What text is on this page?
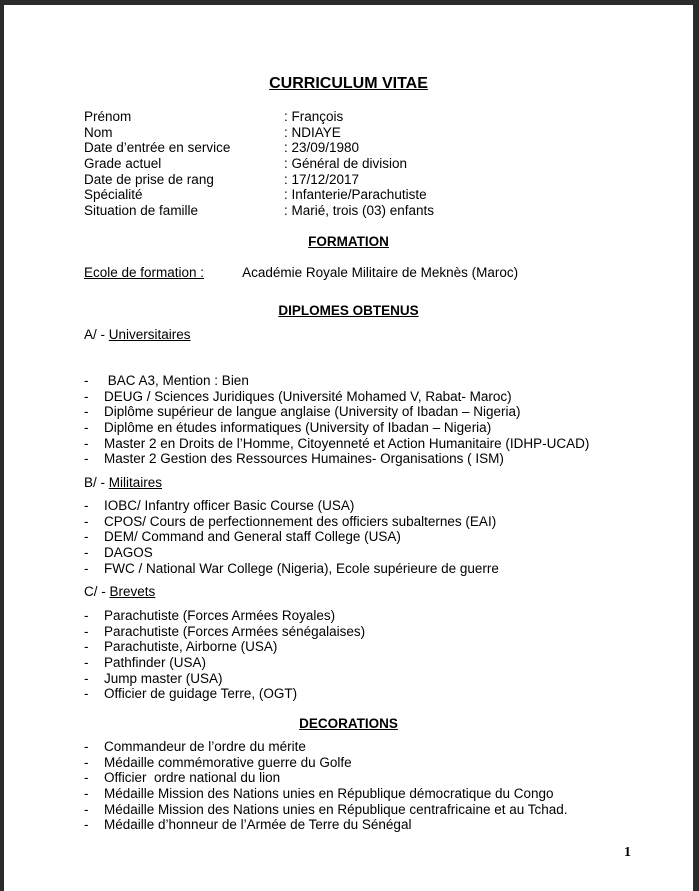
CURRICULUM VITAE
Prénom	: François
Nom	: NDIAYE
Date d’entrée en service	: 23/09/1980
Grade actuel	: Général de division
Date de prise de rang	: 17/12/2017
Spécialité	: Infanterie/Parachutiste
Situation de famille	: Marié, trois (03) enfants
FORMATION
Ecole de formation :	Académie Royale Militaire de Meknès (Maroc)
DIPLOMES OBTENUS
A/ - Universitaires
- BAC A3, Mention : Bien
- DEUG / Sciences Juridiques (Université Mohamed V, Rabat- Maroc)
- Diplôme supérieur de langue anglaise (University of Ibadan – Nigeria)
- Diplôme en études informatiques (University of Ibadan – Nigeria)
- Master 2 en Droits de l’Homme, Citoyenneté et Action Humanitaire (IDHP-UCAD)
- Master 2 Gestion des Ressources Humaines- Organisations ( ISM)
B/ - Militaires
- IOBC/ Infantry officer Basic Course (USA)
- CPOS/ Cours de perfectionnement des officiers subalternes (EAI)
- DEM/ Command and General staff College (USA)
- DAGOS
- FWC / National War College (Nigeria), Ecole supérieure de guerre
C/ - Brevets
- Parachutiste (Forces Armées Royales)
- Parachutiste (Forces Armées sénégalaises)
- Parachutiste, Airborne (USA)
- Pathfinder (USA)
- Jump master (USA)
- Officier de guidage Terre, (OGT)
DECORATIONS
- Commandeur de l’ordre du mérite
- Médaille commémorative guerre du Golfe
- Officier  ordre national du lion
- Médaille Mission des Nations unies en République démocratique du Congo
- Médaille Mission des Nations unies en République centrafricaine et au Tchad.
- Médaille d’honneur de l’Armée de Terre du Sénégal
1
